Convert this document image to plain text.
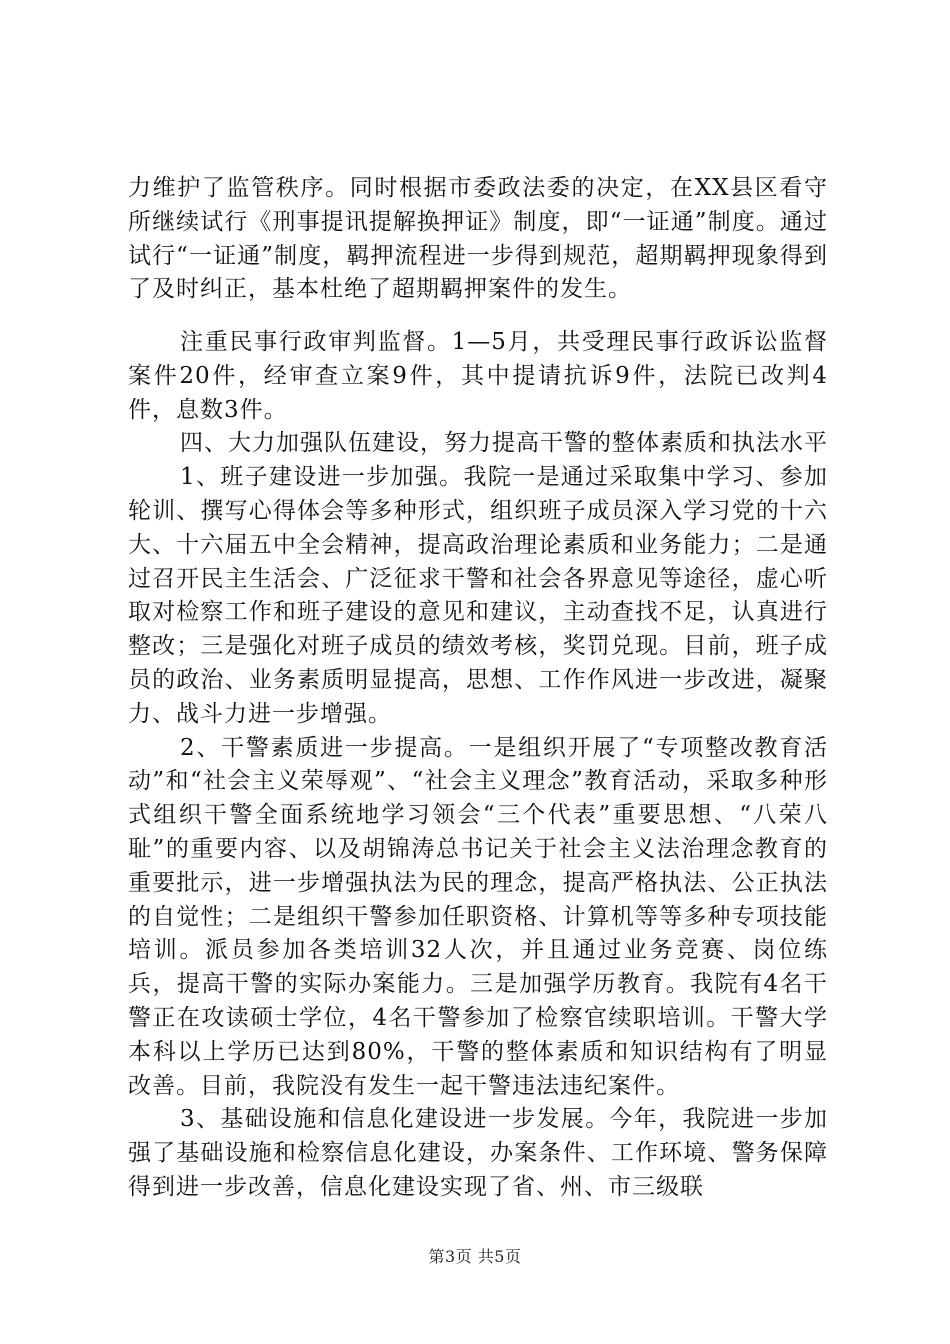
力维护了监管秩序。同时根据市委政法委的决定，在XX县区看守所继续试行《刑事提讯提解换押证》制度，即“一证通”制度。通过试行“一证通”制度，羁押流程进一步得到规范，超期羁押现象得到了及时纠正，基本杜绝了超期羁押案件的发生。

注重民事行政审判监督。1—5月，共受理民事行政诉讼监督案件20件，经审查立案9件，其中提请抗诉9件，法院已改判4件，息数3件。

四、大力加强队伍建设，努力提高干警的整体素质和执法水平

1、班子建设进一步加强。我院一是通过采取集中学习、参加轮训、撰写心得体会等多种形式，组织班子成员深入学习党的十六大、十六届五中全会精神，提高政治理论素质和业务能力；二是通过召开民主生活会、广泛征求干警和社会各界意见等途径，虚心听取对检察工作和班子建设的意见和建议，主动查找不足，认真进行整改；三是强化对班子成员的绩效考核，奖罚兑现。目前，班子成员的政治、业务素质明显提高，思想、工作作风进一步改进，凝聚力、战斗力进一步增强。

2、干警素质进一步提高。一是组织开展了“专项整改教育活动”和“社会主义荣辱观”、“社会主义理念”教育活动，采取多种形式组织干警全面系统地学习领会“三个代表”重要思想、“八荣八耻”的重要内容、以及胡锦涛总书记关于社会主义法治理念教育的重要批示，进一步增强执法为民的理念，提高严格执法、公正执法的自觉性；二是组织干警参加任职资格、计算机等等多种专项技能培训。派员参加各类培训32人次，并且通过业务竞赛、岗位练兵，提高干警的实际办案能力。三是加强学历教育。我院有4名干警正在攻读硕士学位，4名干警参加了检察官续职培训。干警大学本科以上学历已达到80%，干警的整体素质和知识结构有了明显改善。目前，我院没有发生一起干警违法违纪案件。

3、基础设施和信息化建设进一步发展。今年，我院进一步加强了基础设施和检察信息化建设，办案条件、工作环境、警务保障得到进一步改善，信息化建设实现了省、州、市三级联

第3页 共5页
